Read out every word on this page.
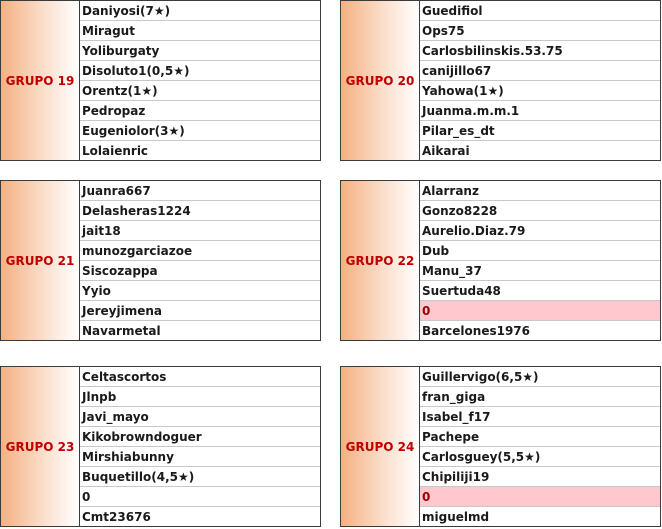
GRUPO 19
Daniyosi(7★)
Miragut
Yoliburgaty
Disoluto1(0,5★)
Orentz(1★)
Pedropaz
Eugeniolor(3★)
Lolaienric
GRUPO 20
Guedifiol
Ops75
Carlosbilinskis.53.75
canijillo67
Yahowa(1★)
Juanma.m.m.1
Pilar_es_dt
Aikarai
GRUPO 21
Juanra667
Delasheras1224
jait18
munozgarciazoe
Siscozappa
Yyio
Jereyjimena
Navarmetal
GRUPO 22
Alarranz
Gonzo8228
Aurelio.Diaz.79
Dub
Manu_37
Suertuda48
0
Barcelones1976
GRUPO 23
Celtascortos
Jlnpb
Javi_mayo
Kikobrowndoguer
Mirshiabunny
Buquetillo(4,5★)
0
Cmt23676
GRUPO 24
Guillervigo(6,5★)
fran_giga
Isabel_f17
Pachepe
Carlosguey(5,5★)
Chipiliji19
0
miguelmd
